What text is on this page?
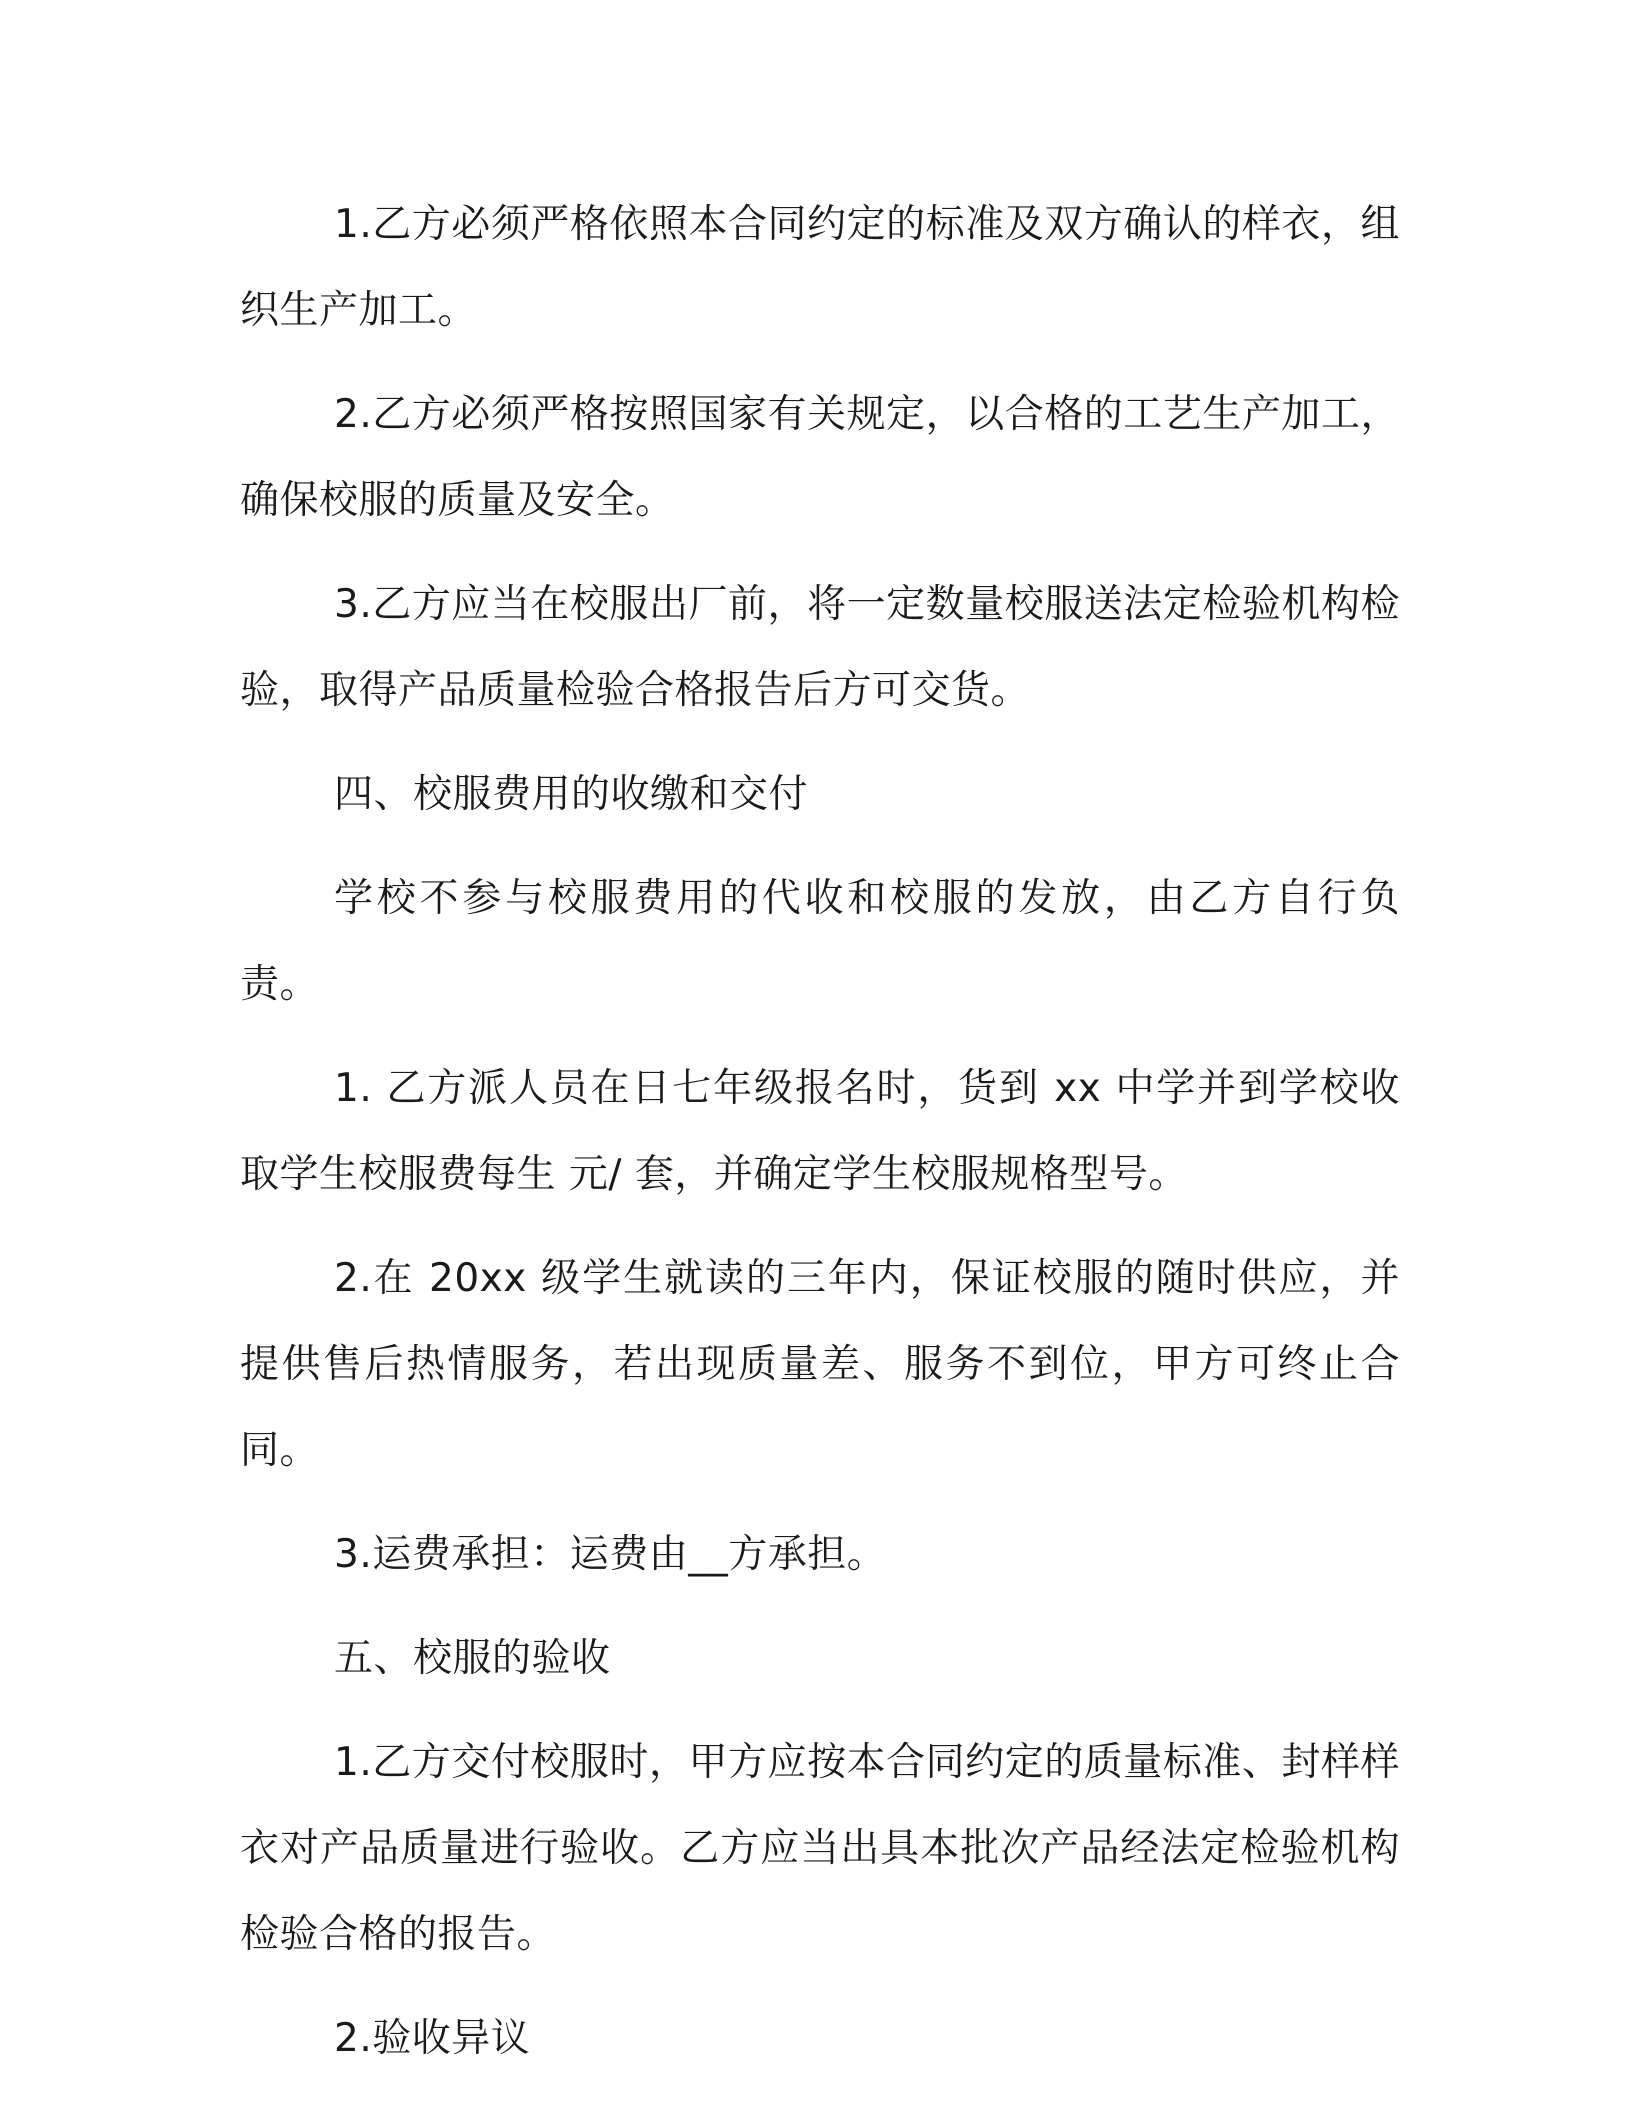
1.乙方必须严格依照本合同约定的标准及双方确认的样衣，组织生产加工。

2.乙方必须严格按照国家有关规定，以合格的工艺生产加工，确保校服的质量及安全。

3.乙方应当在校服出厂前，将一定数量校服送法定检验机构检验，取得产品质量检验合格报告后方可交货。

四、校服费用的收缴和交付

学校不参与校服费用的代收和校服的发放，由乙方自行负责。

1. 乙方派人员在日七年级报名时，货到 xx 中学并到学校收取学生校服费每生 元/ 套，并确定学生校服规格型号。

2.在 20xx 级学生就读的三年内，保证校服的随时供应，并提供售后热情服务，若出现质量差、服务不到位，甲方可终止合同。

3.运费承担：运费由__方承担。

五、校服的验收

1.乙方交付校服时，甲方应按本合同约定的质量标准、封样样衣对产品质量进行验收。乙方应当出具本批次产品经法定检验机构检验合格的报告。

2.验收异议
